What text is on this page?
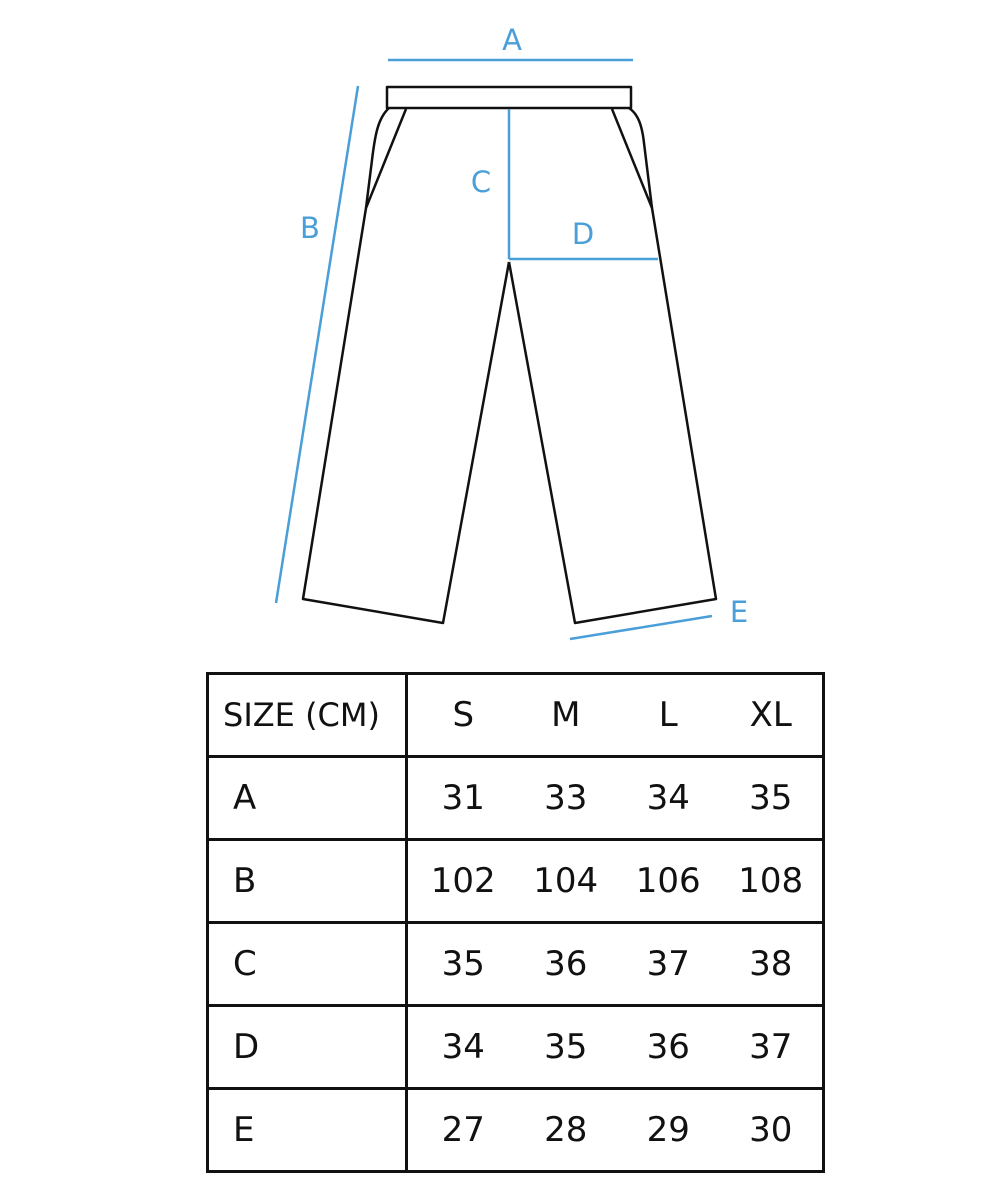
A
B
C
D
E
SIZE (CM)	S M L XL

A	31 33 34 35

B	102 104 106 108

C	35 36 37 38

D	34 35 36 37

E	27 28 29 30
